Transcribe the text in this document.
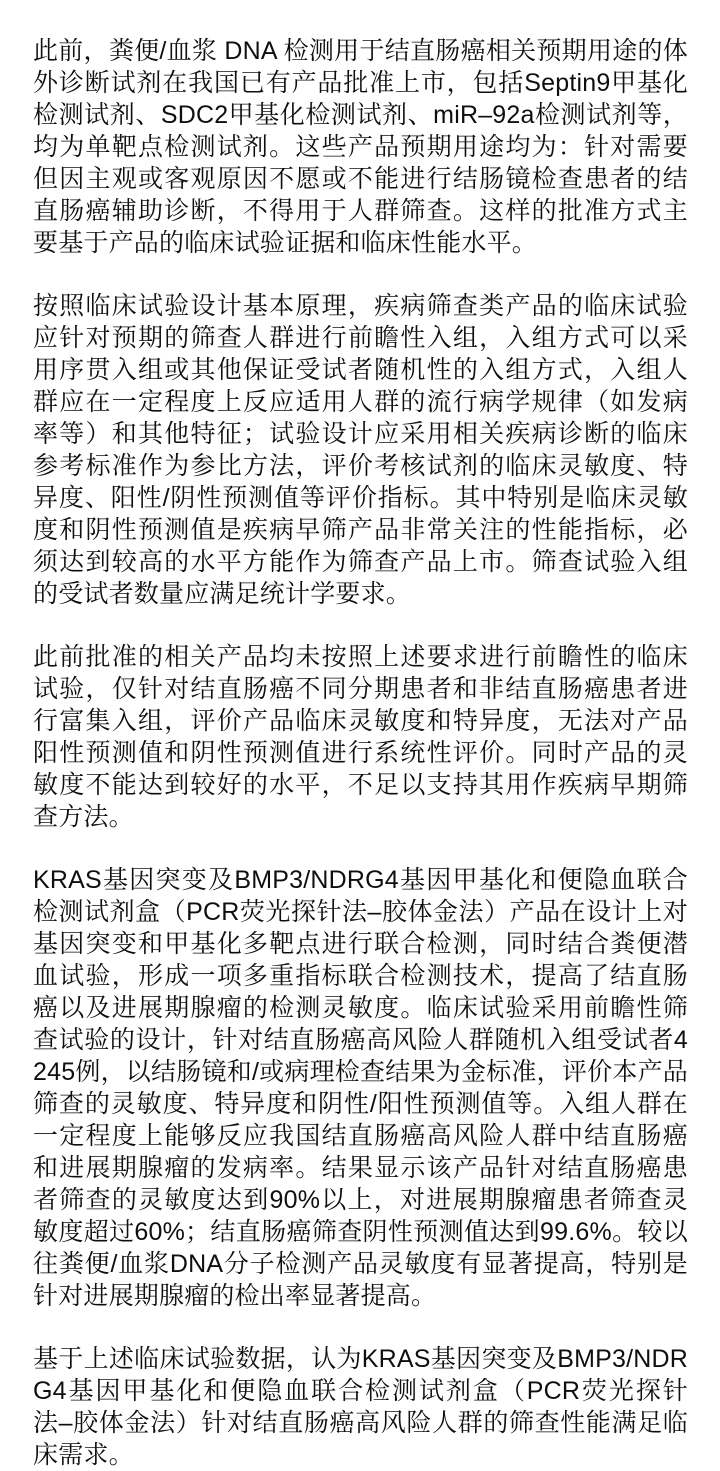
此前，粪便/血浆 DNA 检测用于结直肠癌相关预期用途的体外诊断试剂在我国已有产品批准上市，包括Septin9甲基化检测试剂、SDC2甲基化检测试剂、miR–92a检测试剂等，均为单靶点检测试剂。这些产品预期用途均为：针对需要但因主观或客观原因不愿或不能进行结肠镜检查患者的结直肠癌辅助诊断，不得用于人群筛查。这样的批准方式主要基于产品的临床试验证据和临床性能水平。

按照临床试验设计基本原理，疾病筛查类产品的临床试验应针对预期的筛查人群进行前瞻性入组，入组方式可以采用序贯入组或其他保证受试者随机性的入组方式，入组人群应在一定程度上反应适用人群的流行病学规律（如发病率等）和其他特征；试验设计应采用相关疾病诊断的临床参考标准作为参比方法，评价考核试剂的临床灵敏度、特异度、阳性/阴性预测值等评价指标。其中特别是临床灵敏度和阴性预测值是疾病早筛产品非常关注的性能指标，必须达到较高的水平方能作为筛查产品上市。筛查试验入组的受试者数量应满足统计学要求。

此前批准的相关产品均未按照上述要求进行前瞻性的临床试验，仅针对结直肠癌不同分期患者和非结直肠癌患者进行富集入组，评价产品临床灵敏度和特异度，无法对产品阳性预测值和阴性预测值进行系统性评价。同时产品的灵敏度不能达到较好的水平，不足以支持其用作疾病早期筛查方法。

KRAS基因突变及BMP3/NDRG4基因甲基化和便隐血联合检测试剂盒（PCR荧光探针法–胶体金法）产品在设计上对基因突变和甲基化多靶点进行联合检测，同时结合粪便潜血试验，形成一项多重指标联合检测技术，提高了结直肠癌以及进展期腺瘤的检测灵敏度。临床试验采用前瞻性筛查试验的设计，针对结直肠癌高风险人群随机入组受试者4245例，以结肠镜和/或病理检查结果为金标准，评价本产品筛查的灵敏度、特异度和阴性/阳性预测值等。入组人群在一定程度上能够反应我国结直肠癌高风险人群中结直肠癌和进展期腺瘤的发病率。结果显示该产品针对结直肠癌患者筛查的灵敏度达到90%以上，对进展期腺瘤患者筛查灵敏度超过60%；结直肠癌筛查阴性预测值达到99.6%。较以往粪便/血浆DNA分子检测产品灵敏度有显著提高，特别是针对进展期腺瘤的检出率显著提高。

基于上述临床试验数据，认为KRAS基因突变及BMP3/NDRG4基因甲基化和便隐血联合检测试剂盒（PCR荧光探针法–胶体金法）针对结直肠癌高风险人群的筛查性能满足临床需求。
